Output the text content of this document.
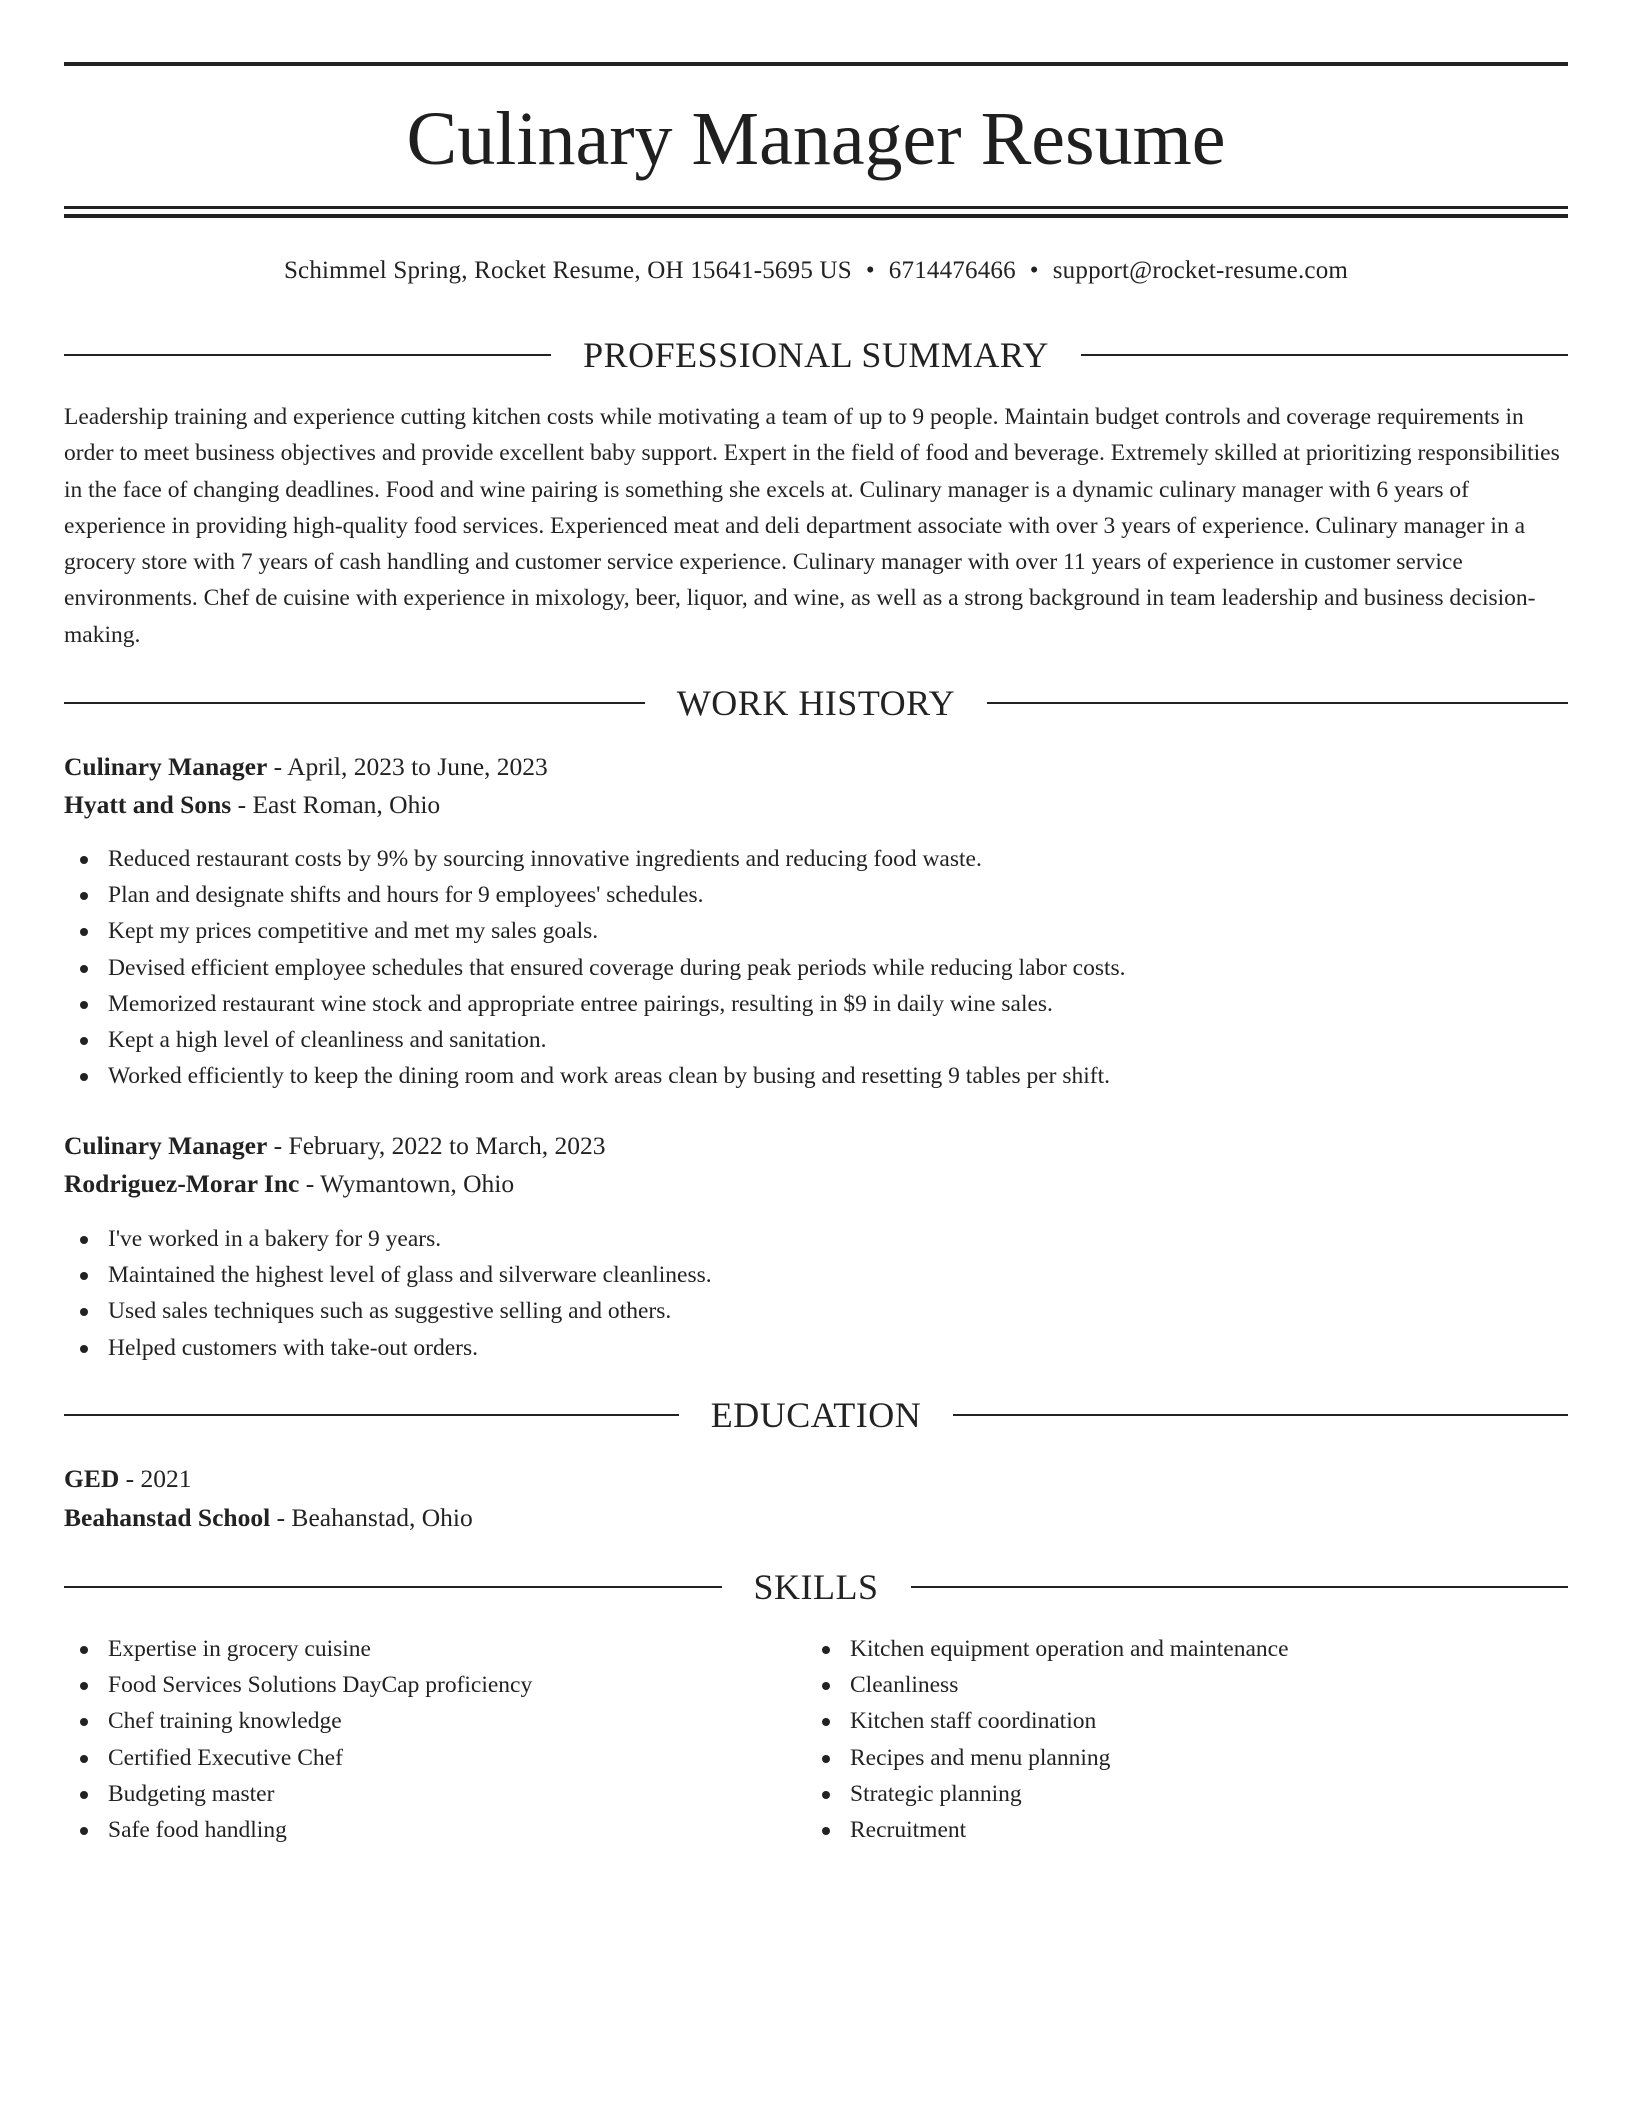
Culinary Manager Resume
Schimmel Spring, Rocket Resume, OH 15641-5695 US • 6714476466 • support@rocket-resume.com
PROFESSIONAL SUMMARY

Leadership training and experience cutting kitchen costs while motivating a team of up to 9 people. Maintain budget controls and coverage requirements in order to meet business objectives and provide excellent baby support. Expert in the field of food and beverage. Extremely skilled at prioritizing responsibilities in the face of changing deadlines. Food and wine pairing is something she excels at. Culinary manager is a dynamic culinary manager with 6 years of experience in providing high-quality food services. Experienced meat and deli department associate with over 3 years of experience. Culinary manager in a grocery store with 7 years of cash handling and customer service experience. Culinary manager with over 11 years of experience in customer service environments. Chef de cuisine with experience in mixology, beer, liquor, and wine, as well as a strong background in team leadership and business decision-making.

WORK HISTORY
Culinary Manager - April, 2023 to June, 2023
Hyatt and Sons - East Roman, Ohio
Reduced restaurant costs by 9% by sourcing innovative ingredients and reducing food waste.
Plan and designate shifts and hours for 9 employees' schedules.
Kept my prices competitive and met my sales goals.
Devised efficient employee schedules that ensured coverage during peak periods while reducing labor costs.
Memorized restaurant wine stock and appropriate entree pairings, resulting in $9 in daily wine sales.
Kept a high level of cleanliness and sanitation.
Worked efficiently to keep the dining room and work areas clean by busing and resetting 9 tables per shift.
Culinary Manager - February, 2022 to March, 2023
Rodriguez-Morar Inc - Wymantown, Ohio
I've worked in a bakery for 9 years.
Maintained the highest level of glass and silverware cleanliness.
Used sales techniques such as suggestive selling and others.
Helped customers with take-out orders.
EDUCATION
GED - 2021
Beahanstad School - Beahanstad, Ohio
SKILLS
Expertise in grocery cuisine
Food Services Solutions DayCap proficiency
Chef training knowledge
Certified Executive Chef
Budgeting master
Safe food handling
Kitchen equipment operation and maintenance
Cleanliness
Kitchen staff coordination
Recipes and menu planning
Strategic planning
Recruitment
